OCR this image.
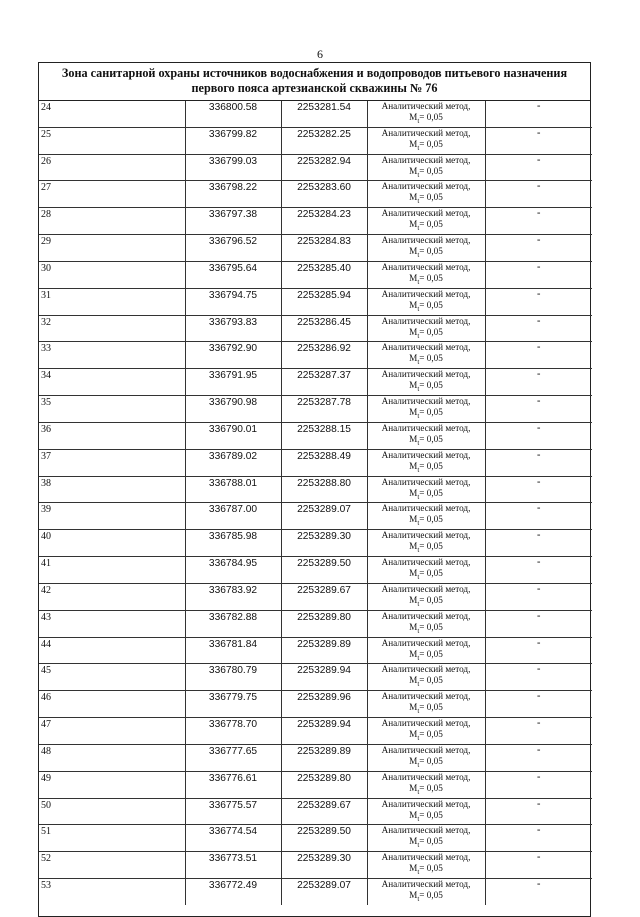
6
Зона санитарной охраны источников водоснабжения и водопроводов питьевого назначения
первого пояса артезианской скважины № 76
24	336800.58	2253281.54	Аналитический метод,
$M_t= 0,05$	-
25	336799.82	2253282.25	Аналитический метод,
$M_t= 0,05$	-
26	336799.03	2253282.94	Аналитический метод,
$M_t= 0,05$	-
27	336798.22	2253283.60	Аналитический метод,
$M_t= 0,05$	-
28	336797.38	2253284.23	Аналитический метод,
$M_t= 0,05$	-
29	336796.52	2253284.83	Аналитический метод,
$M_t= 0,05$	-
30	336795.64	2253285.40	Аналитический метод,
$M_t= 0,05$	-
31	336794.75	2253285.94	Аналитический метод,
$M_t= 0,05$	-
32	336793.83	2253286.45	Аналитический метод,
$M_t= 0,05$	-
33	336792.90	2253286.92	Аналитический метод,
$M_t= 0,05$	-
34	336791.95	2253287.37	Аналитический метод,
$M_t= 0,05$	-
35	336790.98	2253287.78	Аналитический метод,
$M_t= 0,05$	-
36	336790.01	2253288.15	Аналитический метод,
$M_t= 0,05$	-
37	336789.02	2253288.49	Аналитический метод,
$M_t= 0,05$	-
38	336788.01	2253288.80	Аналитический метод,
$M_t= 0,05$	-
39	336787.00	2253289.07	Аналитический метод,
$M_t= 0,05$	-
40	336785.98	2253289.30	Аналитический метод,
$M_t= 0,05$	-
41	336784.95	2253289.50	Аналитический метод,
$M_t= 0,05$	-
42	336783.92	2253289.67	Аналитический метод,
$M_t= 0,05$	-
43	336782.88	2253289.80	Аналитический метод,
$M_t= 0,05$	-
44	336781.84	2253289.89	Аналитический метод,
$M_t= 0,05$	-
45	336780.79	2253289.94	Аналитический метод,
$M_t= 0,05$	-
46	336779.75	2253289.96	Аналитический метод,
$M_t= 0,05$	-
47	336778.70	2253289.94	Аналитический метод,
$M_t= 0,05$	-
48	336777.65	2253289.89	Аналитический метод,
$M_t= 0,05$	-
49	336776.61	2253289.80	Аналитический метод,
$M_t= 0,05$	-
50	336775.57	2253289.67	Аналитический метод,
$M_t= 0,05$	-
51	336774.54	2253289.50	Аналитический метод,
$M_t= 0,05$	-
52	336773.51	2253289.30	Аналитический метод,
$M_t= 0,05$	-
53	336772.49	2253289.07	Аналитический метод,
$M_t= 0,05$	-
